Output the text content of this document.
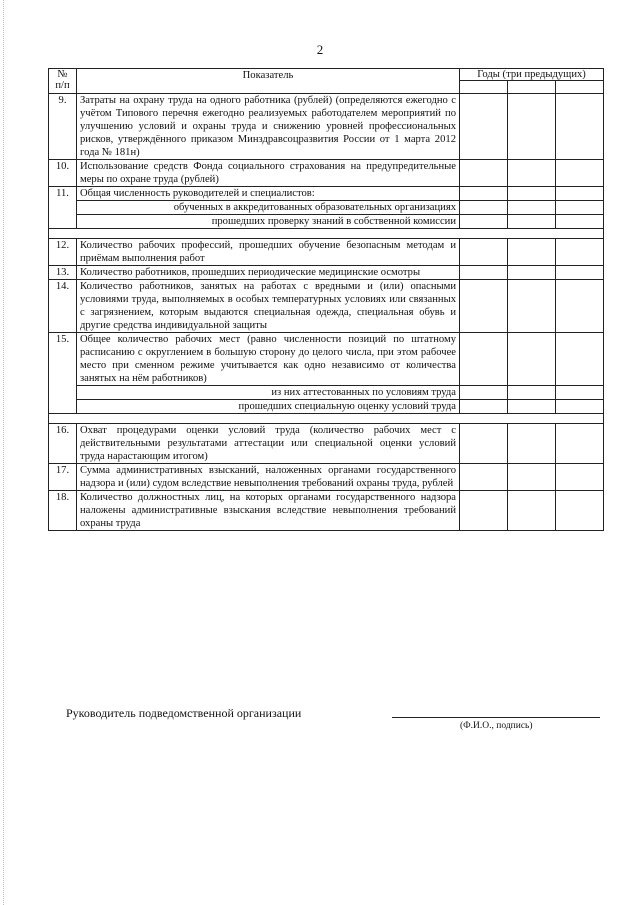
2
№
п/п	Показатель	Годы (три предыдущих)		

9.	Затраты на охрану труда на одного работника (рублей) (определяются ежегодно с учётом Типового перечня ежегодно реализуемых работодателем мероприятий по улучшению условий и охраны труда и снижению уровней профессиональных рисков, утверждённого приказом Минздравсоцразвития России от 1 марта 2012 года № 181н)			
10.	Использование средств Фонда социального страхования на предупредительные меры по охране труда (рублей)			
11.	Общая численность руководителей и специалистов:			
	обученных в аккредитованных образовательных организациях			
	прошедших проверку знаний в собственной комиссии			

12.	Количество рабочих профессий, прошедших обучение безопасным методам и приёмам выполнения работ			
13.	Количество работников, прошедших периодические медицинские осмотры			
14.	Количество работников, занятых на работах с вредными и (или) опасными условиями труда, выполняемых в особых температурных условиях или связанных с загрязнением, которым выдаются специальная одежда, специальная обувь и другие средства индивидуальной защиты			
15.	Общее количество рабочих мест (равно численности позиций по штатному расписанию с округлением в большую сторону до целого числа, при этом рабочее место при сменном режиме учитывается как одно независимо от количества занятых на нём работников)			
	из них аттестованных по условиям труда			
	прошедших специальную оценку условий труда			

16.	Охват процедурами оценки условий труда (количество рабочих мест с действительными результатами аттестации или специальной оценки условий труда нарастающим итогом)			
17.	Сумма административных взысканий, наложенных органами государственного надзора и (или) судом вследствие невыполнения требований охраны труда, рублей			
18.	Количество должностных лиц, на которых органами государственного надзора наложены административные взыскания вследствие невыполнения требований охраны труда			
Руководитель подведомственной организации
(Ф.И.О., подпись)
